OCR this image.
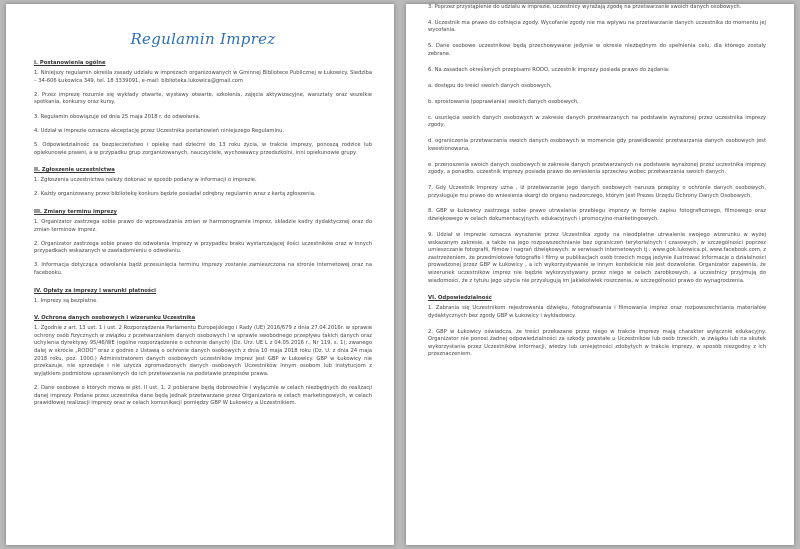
Regulamin Imprez
I. Postanowienia ogólne
1. Niniejszy regulamin określa zasady udziału w imprezach organizowanych w Gminnej Bibliotece Publicznej w Łukowicy. Siedziba – 34-606 Łukowica 349, tel. 18 3339091, e-mail: biblioteka.lukowica@gmail.com
2. Przez imprezę rozumie się wykłady otwarte, wystawy otwarte, szkolenia, zajęcia aktywizacyjne, warsztaty oraz wszelkie spotkania, konkursy oraz kursy.
3. Regulamin obowiązuje od dnia 25 maja 2018 r. do odwołania.
4. Udział w imprezie oznacza akceptację przez Uczestnika postanowień niniejszego Regulaminu.
5. Odpowiedzialność za bezpieczeństwo i opiekę nad dziećmi do 13 roku życia, w trakcie imprezy, ponoszą rodzice lub opiekunowie prawni, a w przypadku grup zorganizowanych, nauczyciele, wychowawcy przedszkolni, inni opiekunowie grupy.
II. Zgłoszenie uczestnictwa
1. Zgłoszenia uczestnictwa należy dokonać w sposób podany w informacji o imprezie.
2. Każdy organizowany przez bibliotekę konkurs będzie posiadał odrębny regulamin wraz z kartą zgłoszenia.
III. Zmiany terminu imprezy
1. Organizator zastrzega sobie prawo do wprowadzania zmian w harmonogramie imprez, składzie kadry dydaktycznej oraz do zmian terminów imprez.
2. Organizator zastrzega sobie prawo do odwołania imprezy w przypadku braku wystarczającej ilości uczestników oraz w innych przypadkach wskazanych w zawiadomieniu o odwołaniu.
3. Informacja dotycząca odwołania bądź przesunięcia terminu imprezy zostanie zamieszczona na stronie internetowej oraz na facebooku.
IV. Opłaty za imprezy i warunki płatności
1. Imprezy są bezpłatne.
V. Ochrona danych osobowych i wizerunku Uczestnika
1. Zgodnie z art. 13 ust. 1 i ust. 2 Rozporządzenia Parlamentu Europejskiego i Rady (UE) 2016/679 z dnia 27.04.2016r. w sprawie ochrony osób fizycznych w związku z przetwarzaniem danych osobowych i w sprawie swobodnego przepływu takich danych oraz uchylenia dyrektywy 95/46/WE (ogólne rozporządzenie o ochronie danych) (Dz. Urz. UE L z 04.05.2016 r., Nr 119, s. 1), zwanego dalej w skrócie „RODO” oraz z godnie z Ustawą o ochronie danych osobowych z dnia 10 maja 2018 roku (Dz. U. z dnia 24 maja 2018 roku, poz. 1000.) Administratorem danych osobowych uczestników imprez jest GBP w Łukowicy. GBP w Łukowicy nie przekazuje, nie sprzedaje i nie użycza zgromadzonych danych osobowych Uczestników innym osobom lub instytucjom z wyjątkiem podmiotów uprawnionych do ich przetwarzania na podstawie przepisów prawa.
2. Dane osobowe o których mowa w pkt. II ust. 1, 2 pobierane będą dobrowolnie i wyłącznie w celach niezbędnych do realizacji danej imprezy. Podane przez uczestnika dane będą jednak przetwarzane przez Organizatora w celach marketingowych, w celach prawidłowej realizacji imprezy oraz w celach komunikacji pomiędzy GBP W Łukowicy a Uczestnikiem.
3. Poprzez przystąpienie do udziału w imprezie, uczestnicy wyrażają zgodę na przetwarzanie swoich danych osobowych.
4. Uczestnik ma prawo do cofnięcia zgody. Wycofanie zgody nie ma wpływu na przetwarzanie danych uczestnika do momentu jej wycofania.
5. Dane osobowe uczestników będą przechowywane jedynie w okresie niezbędnym do spełnienia celu, dla którego zostały zebrane.
6. Na zasadach określonych przepisami RODO, uczestnik imprezy posiada prawo do żądania:
a. dostępu do treści swoich danych osobowych,
b. sprostowania (poprawiania) swoich danych osobowych,
c. usunięcia swoich danych osobowych w zakresie danych przetwarzanych na podstawie wyrażonej przez uczestnika imprezy zgody,
d. ograniczenia przetwarzania swoich danych osobowych w momencie gdy prawidłowość przetwarzania danych osobowych jest kwestionowana,
e. przenoszenia swoich danych osobowych w zakresie danych przetwarzanych na podstawie wyrażonej przez uczestnika imprezy zgody, a ponadto, uczestnik imprezy posiada prawo do wniesienia sprzeciwu wobec przetwarzania swoich danych.
7. Gdy Uczestnik imprezy uzna , iż przetwarzanie jego danych osobowych narusza przepisy o ochronie danych osobowych, przysługuje mu prawo do wniesienia skargi do organu nadzorczego, którym jest Prezes Urzędu Ochrony Danych Osobowych.
8. GBP w Łukowicy zastrzega sobie prawo utrwalania przebiegu imprezy w formie zapisu fotograficznego, filmowego oraz dźwiękowego w celach dokumentacyjnych, edukacyjnych i promocyjno-marketingowych.
9. Udział w imprezie oznacza wyrażenie przez Uczestnika zgody na nieodpłatne utrwalenie swojego wizerunku w wyżej wskazanym zakresie, a także na jego rozpowszechnianie bez ograniczeń terytorialnych i czasowych, w szczególności poprzez umieszczanie fotografii, filmów i nagrań dźwiękowych: w serwisach internetowych tj.: www.gok.lukowica.pl, www.facebook.com, z zastrzeżeniem, że przedmiotowe fotografie i filmy w publikacjach osób trzecich mogą jedynie ilustrować informacje o działalności prowadzonej przez GBP w Łukowicy , a ich wykorzystywanie w innym kontekście nie jest dozwolone. Organizator zapewnia, że wizerunek uczestników imprez nie będzie wykorzystywany przez niego w celach zarobkowych, a uczestnicy przyjmują do wiadomości, że z tytułu jego użycia nie przysługują im jakiekolwiek roszczenia, w szczególności prawo do wynagrodzenia.
VI. Odpowiedzialność
1. Zabrania się Uczestnikom rejestrowania dźwięku, fotografowania i filmowania imprez oraz rozpowszechniania materiałów dydaktycznych bez zgody GBP w Łukowicy i wykładowcy.
2. GBP w Łukowicy oświadcza, że treści przekazane przez niego w trakcie imprezy mają charakter wyłącznie edukacyjny. Organizator nie ponosi żadnej odpowiedzialności za szkody powstałe u Uczestników lub osób trzecich, w związku lub na skutek wykorzystania przez Uczestników informacji, wiedzy lub umiejętności zdobytych w trakcie imprezy, w sposób niezgodny z ich przeznaczeniem.
